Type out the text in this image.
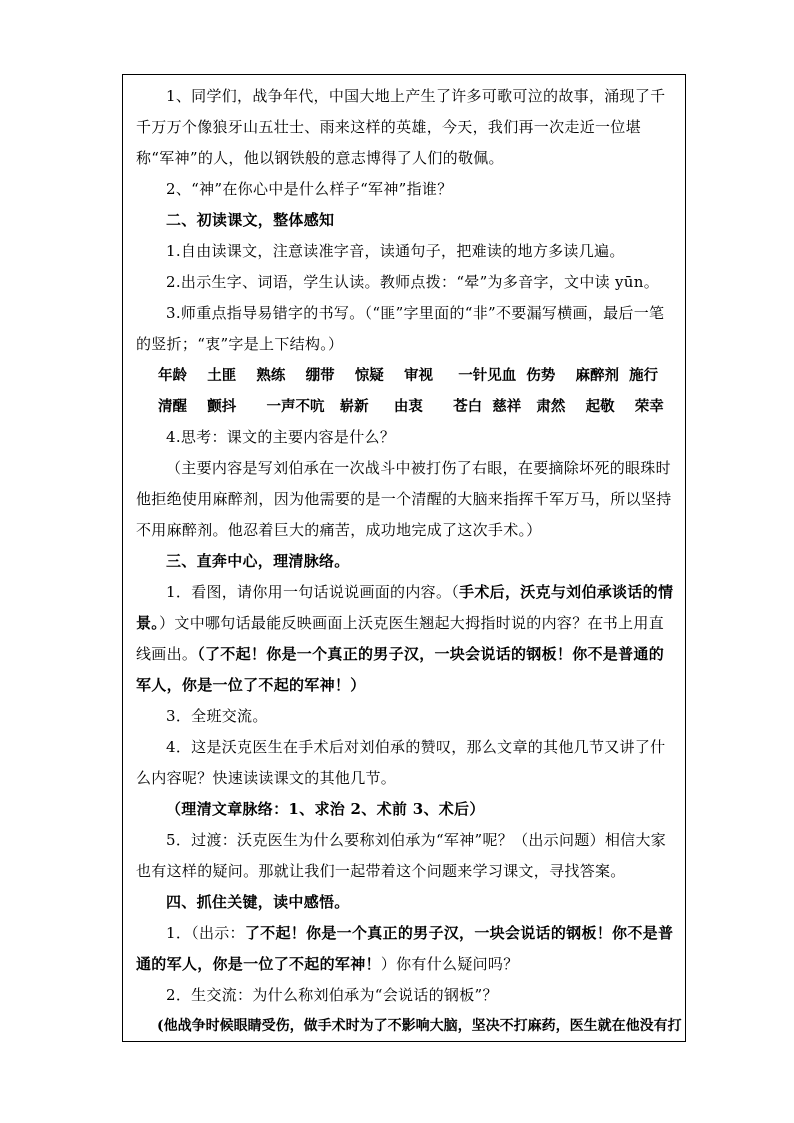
1、同学们，战争年代，中国大地上产生了许多可歌可泣的故事，涌现了千千万万个像狼牙山五壮士、雨来这样的英雄，今天，我们再一次走近一位堪称“军神”的人，他以钢铁般的意志博得了人们的敬佩。

2、“神”在你心中是什么样子“军神”指谁？

二、初读课文，整体感知

1.自由读课文，注意读准字音，读通句子，把难读的地方多读几遍。

2.出示生字、词语，学生认读。教师点拨：“晕”为多音字，文中读 yūn。

3.师重点指导易错字的书写。（“匪”字里面的“非”不要漏写横画，最后一笔的竖折；“衷”字是上下结构。）

年龄    土匪    熟练    绷带    惊疑    审视     一针见血  伤势    麻醉剂  施行

清醒    颤抖      一声不吭   崭新     由衷      苍白  慈祥   肃然    起敬    荣幸

4.思考：课文的主要内容是什么？

（主要内容是写刘伯承在一次战斗中被打伤了右眼，在要摘除坏死的眼珠时他拒绝使用麻醉剂，因为他需要的是一个清醒的大脑来指挥千军万马，所以坚持不用麻醉剂。他忍着巨大的痛苦，成功地完成了这次手术。）

三、直奔中心，理清脉络。

1．看图，请你用一句话说说画面的内容。（手术后，沃克与刘伯承谈话的情景。）文中哪句话最能反映画面上沃克医生翘起大拇指时说的内容？在书上用直线画出。（了不起！你是一个真正的男子汉，一块会说话的钢板！你不是普通的军人，你是一位了不起的军神！）

3．全班交流。

4．这是沃克医生在手术后对刘伯承的赞叹，那么文章的其他几节又讲了什么内容呢？快速读读课文的其他几节。

（理清文章脉络：1、求治 2、术前 3、术后）

5．过渡：沃克医生为什么要称刘伯承为“军神”呢？（出示问题）相信大家也有这样的疑问。那就让我们一起带着这个问题来学习课文，寻找答案。

四、抓住关键，读中感悟。

1．（出示：了不起！你是一个真正的男子汉，一块会说话的钢板！你不是普通的军人，你是一位了不起的军神！）你有什么疑问吗？

2．生交流：为什么称刘伯承为“会说话的钢板”？

(他战争时候眼睛受伤，做手术时为了不影响大脑，坚决不打麻药，医生就在他没有打
